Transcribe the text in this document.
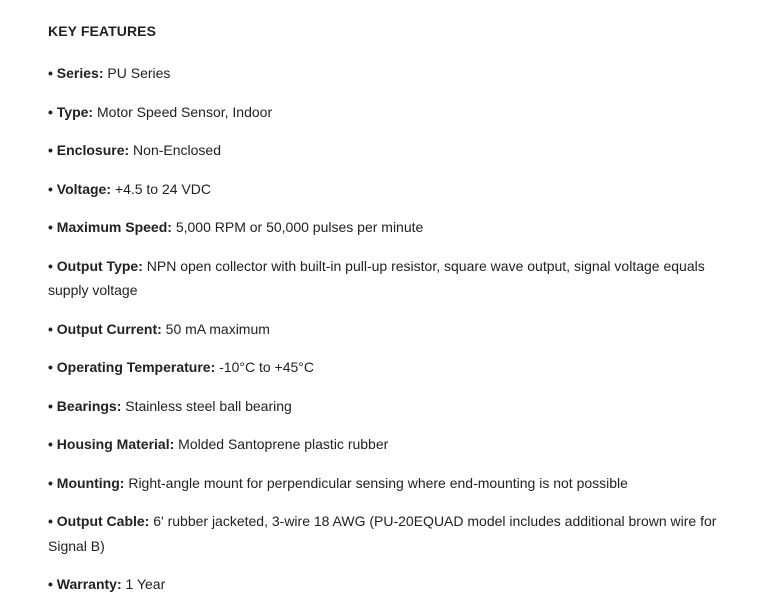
KEY FEATURES
• Series: PU Series
• Type: Motor Speed Sensor, Indoor
• Enclosure: Non-Enclosed
• Voltage: +4.5 to 24 VDC
• Maximum Speed: 5,000 RPM or 50,000 pulses per minute
• Output Type: NPN open collector with built-in pull-up resistor, square wave output, signal voltage equals supply voltage
• Output Current: 50 mA maximum
• Operating Temperature: -10°C to +45°C
• Bearings: Stainless steel ball bearing
• Housing Material: Molded Santoprene plastic rubber
• Mounting: Right-angle mount for perpendicular sensing where end-mounting is not possible
• Output Cable: 6' rubber jacketed, 3-wire 18 AWG (PU-20EQUAD model includes additional brown wire for Signal B)
• Warranty: 1 Year
